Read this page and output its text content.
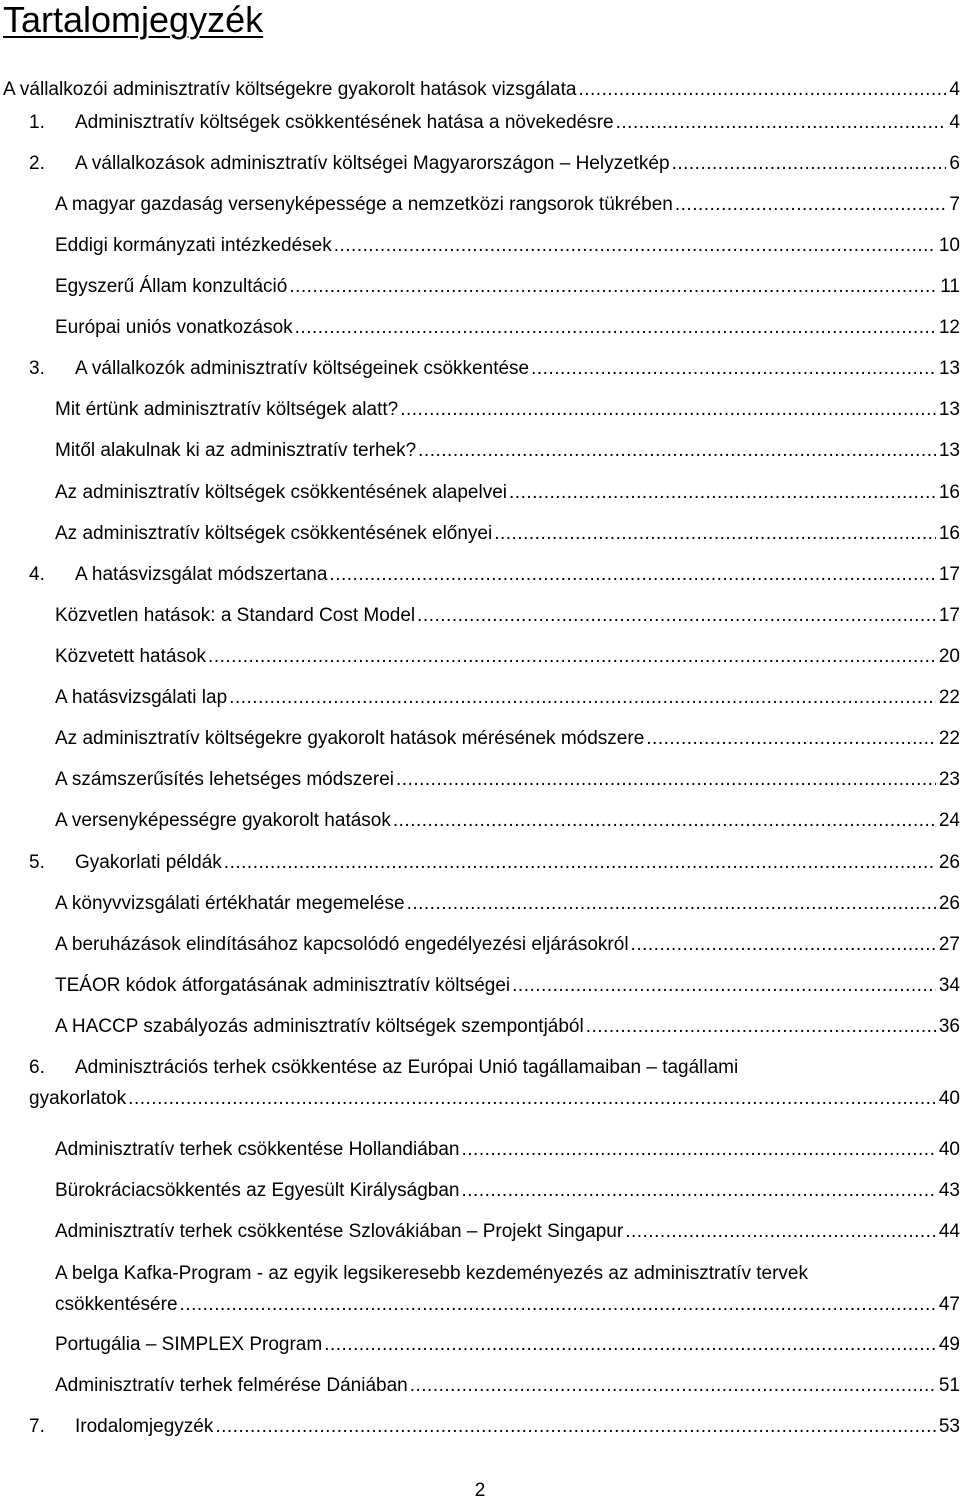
Tartalomjegyzék
A vállalkozói adminisztratív költségekre gyakorolt hatások vizsgálata .....	4
1.	Adminisztratív költségek csökkentésének hatása a növekedésre .....	4
2.	A vállalkozások adminisztratív költségei Magyarországon – Helyzetkép .....	6
A magyar gazdaság versenyképessége a nemzetközi rangsorok tükrében .....	7
Eddigi kormányzati intézkedések .....	10
Egyszerű Állam konzultáció .....	11
Európai uniós vonatkozások .....	12
3.	A vállalkozók adminisztratív költségeinek csökkentése .....	13
Mit értünk adminisztratív költségek alatt? .....	13
Mitől alakulnak ki az adminisztratív terhek? .....	13
Az adminisztratív költségek csökkentésének alapelvei .....	16
Az adminisztratív költségek csökkentésének előnyei .....	16
4.	A hatásvizsgálat módszertana .....	17
Közvetlen hatások: a Standard Cost Model .....	17
Közvetett hatások .....	20
A hatásvizsgálati lap .....	22
Az adminisztratív költségekre gyakorolt hatások mérésének módszere .....	22
A számszerűsítés lehetséges módszerei .....	23
A versenyképességre gyakorolt hatások .....	24
5.	Gyakorlati példák .....	26
A könyvvizsgálati értékhatár megemelése .....	26
A beruházások elindításához kapcsolódó engedélyezési eljárásokról .....	27
TEÁOR kódok átforgatásának adminisztratív költségei .....	34
A HACCP szabályozás adminisztratív költségek szempontjából .....	36
6.	Adminisztrációs terhek csökkentése az Európai Unió tagállamaiban – tagállami
gyakorlatok .....	40
Adminisztratív terhek csökkentése Hollandiában .....	40
Bürokráciacsökkentés az Egyesült Királyságban .....	43
Adminisztratív terhek csökkentése Szlovákiában – Projekt Singapur .....	44
A belga Kafka-Program - az egyik legsikeresebb kezdeményezés az adminisztratív tervek
csökkentésére .....	47
Portugália – SIMPLEX Program .....	49
Adminisztratív terhek felmérése Dániában .....	51
7.	Irodalomjegyzék .....	53
2
